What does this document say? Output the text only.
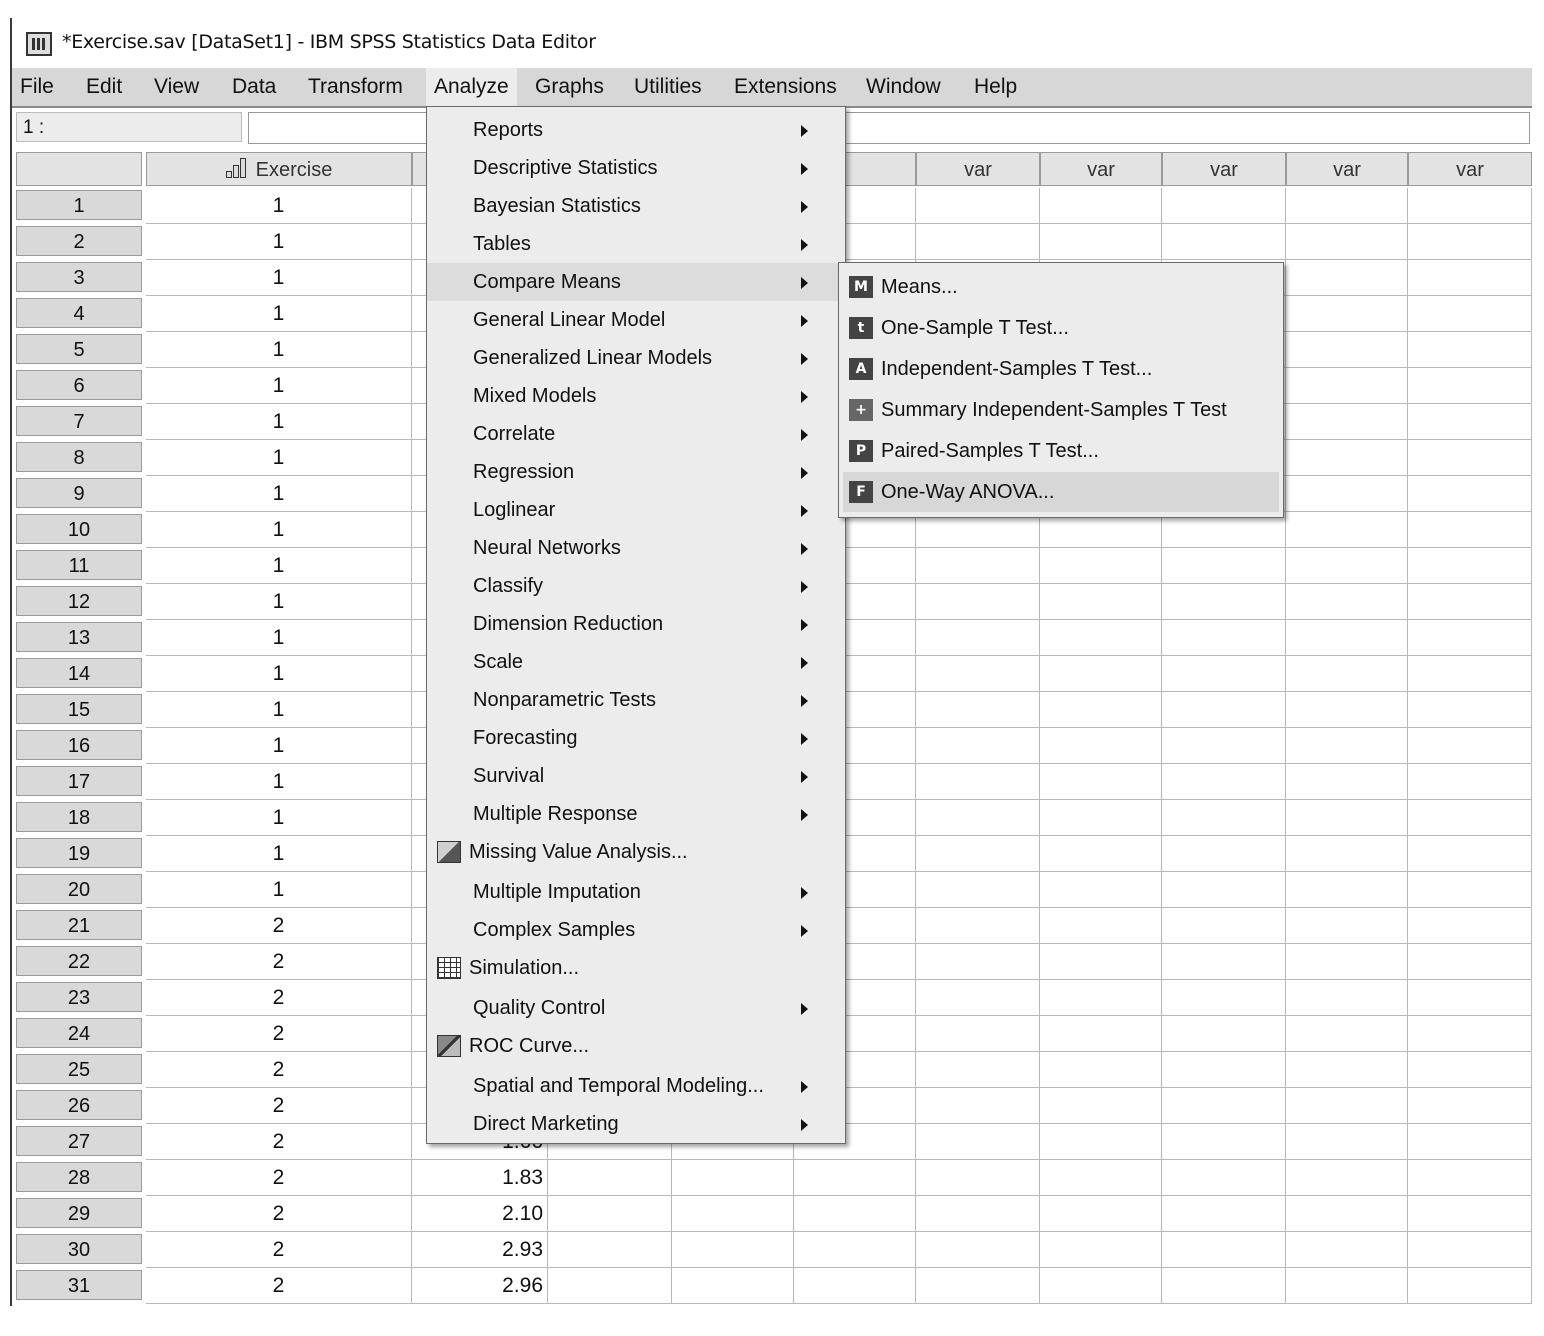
*Exercise.sav [DataSet1] - IBM SPSS Statistics Data Editor
File	Edit	View	Data	Transform	Analyze	Graphs	Utilities	Extensions	Window	Help
1 :
Exercise	var	var	var	var	var
1	1
2	1
3	1
4	1
5	1
6	1
7	1
8	1
9	1
10	1
11	1
12	1
13	1
14	1
15	1
16	1
17	1
18	1
19	1
20	1
21	2
22	2
23	2
24	2
25	2
26	2
27	2
28	2	1.83
29	2	2.10
30	2	2.93
31	2	2.96
Reports
Descriptive Statistics
Bayesian Statistics
Tables
Compare Means
General Linear Model
Generalized Linear Models
Mixed Models
Correlate
Regression
Loglinear
Neural Networks
Classify
Dimension Reduction
Scale
Nonparametric Tests
Forecasting
Survival
Multiple Response
Missing Value Analysis...
Multiple Imputation
Complex Samples
Simulation...
Quality Control
ROC Curve...
Spatial and Temporal Modeling...
Direct Marketing
M Means...
t One-Sample T Test...
A Independent-Samples T Test...
+ Summary Independent-Samples T Test
P Paired-Samples T Test...
F One-Way ANOVA...
